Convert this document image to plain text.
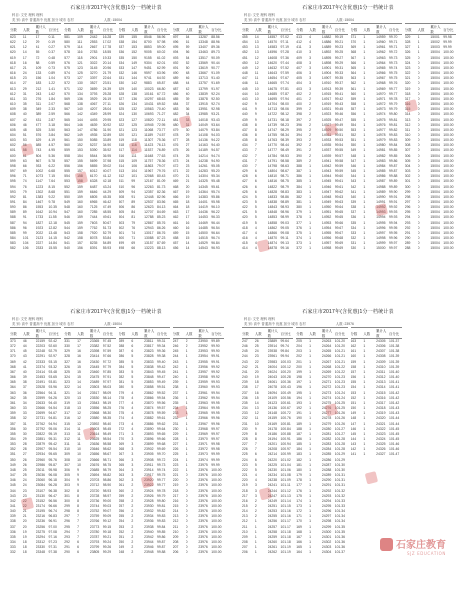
石家庄市2017年(含优惠)1分一档统计表
科目: 文史 理科 理科
类 别: 高中 普通高中 优惠 加分 城市 农村	人数: 15004
分数	人数	累计人数	百分比
623	11	17	0.11
622	12	29	0.19
621	12	41	0.27
620	14	55	0.37
619	17	72	0.48
618	16	88	0.59
617	21	109	0.73
616	24	133	0.89
615	23	156	1.04
614	27	183	1.22
613	29	212	1.41
612	31	243	1.62
611	33	276	1.84
610	35	311	2.07
609	38	349	2.33
608	40	389	2.59
607	42	431	2.87
606	46	477	3.18
605	48	525	3.50
604	51	576	3.84
603	53	629	4.19
602	56	685	4.57
601	58	743	4.95
600	61	804	5.36
599	63	867	5.78
598	66	933	6.22
597	69	1002	6.68
596	71	1073	7.15
595	74	1147	7.64
594	76	1223	8.15
593	79	1302	8.68
592	81	1383	9.22
591	84	1467	9.78
590	86	1553	10.35
589	89	1642	10.94
588	91	1733	11.55
587	94	1827	12.18
586	96	1923	12.82
585	99	2022	13.48
584	101	2123	14.15
583	104	2227	14.84
582	106	2333	15.55
分数	人数	累计人数	百分比
581	109	2442	16.28
580	111	2553	17.02
579	114	2667	17.78
578	116	2783	18.55
577	118	2901	19.33
576	121	3022	20.14
575	123	3145	20.96
574	125	3270	21.79
573	127	3397	22.64
572	130	3527	23.51
571	132	3659	24.39
570	134	3793	25.28
569	136	3929	26.19
568	138	4067	27.11
567	140	4207	28.04
566	142	4349	28.99
565	144	4493	29.95
564	146	4639	30.92
563	147	4786	31.90
562	149	4935	32.89
561	150	5085	33.89
560	152	5237	34.90
559	153	5390	35.92
558	154	5544	36.95
557	155	5699	37.98
556	156	5855	39.02
555	157	6012	40.07
554	158	6170	41.12
553	158	6328	42.18
552	159	6487	43.24
551	159	6646	44.29
550	159	6805	45.35
549	160	6965	46.42
548	160	7125	47.49
547	160	7285	48.55
546	159	7444	49.61
545	159	7603	50.67
544	159	7762	51.73
543	158	7920	52.79
542	158	8078	53.84
541	157	8235	54.89
540	156	8391	55.93
分数	人数	累计人数	百分比
539	155	8546	56.96
538	154	8700	57.98
537	153	8853	59.00
536	152	9005	60.02
535	150	9155	61.02
534	149	9304	62.01
533	147	9451	62.99
532	146	9597	63.96
531	144	9741	64.92
530	142	9883	65.87
529	140	10023	66.80
528	138	10161	67.72
527	136	10297	68.63
526	134	10431	69.52
525	132	10563	70.40
524	130	10693	71.27
523	127	10820	72.11
522	125	10945	72.95
521	123	11068	73.77
520	121	11189	74.57
519	118	11307	75.36
518	116	11423	76.13
517	114	11537	76.89
516	111	11648	77.63
515	109	11757	78.36
514	106	11863	79.07
513	104	11967	79.76
512	101	12068	80.43
511	99	12167	81.09
510	96	12263	81.73
509	94	12357	82.36
508	91	12448	82.96
507	89	12537	83.56
506	86	12623	84.13
505	84	12707	84.69
504	81	12788	85.23
503	79	12867	85.76
502	76	12943	86.26
501	74	13017	86.76
500	71	13088	87.23
499	69	13157	87.69
498	66	13223	88.13
分数	人数	累计人数	百分比
497	64	13287	88.56
496	61	13348	88.96
495	59	13407	89.36
494	56	13463	89.73
493	54	13517	90.09
492	52	13569	90.44
491	50	13619	90.77
490	48	13667	91.09
489	46	13713	91.40
488	44	13757	91.69
487	42	13799	91.97
486	40	13839	92.24
485	39	13878	92.50
484	37	13915	92.74
483	36	13951	92.98
482	34	13985	93.21
481	33	14018	93.43
480	31	14049	93.64
479	30	14079	93.84
478	29	14108	94.03
477	28	14136	94.22
476	27	14163	94.40
475	26	14189	94.57
474	25	14214	94.74
473	24	14238	94.90
472	23	14261	95.05
471	22	14283	95.20
470	21	14304	95.34
469	21	14325	95.48
468	20	14345	95.61
467	19	14364	95.74
466	19	14383	95.86
465	18	14401	95.98
464	18	14419	96.10
463	17	14436	96.22
462	17	14453	96.33
461	16	14469	96.44
460	16	14485	96.54
459	15	14500	96.64
458	15	14515	96.74
457	14	14529	96.84
456	14	14543	96.93
石家庄市2017年(含优惠)1分一档统计表
科目: 文史 理科 理科
类 别: 高中 普通高中 优惠 加分 城市 农村	人数: 15004
分数	人数	累计人数	百分比
455	14	14557	97.02
454	13	14570	97.11
453	13	14583	97.19
452	13	14596	97.28
451	12	14608	97.36
450	12	14620	97.44
449	12	14632	97.52
448	11	14643	97.59
447	11	14654	97.67
446	11	14665	97.74
445	10	14675	97.81
444	10	14685	97.87
443	10	14695	97.94
442	9	14704	98.00
441	9	14713	98.06
440	9	14722	98.12
439	9	14731	98.18
438	8	14739	98.23
437	8	14747	98.29
436	8	14755	98.34
435	8	14763	98.39
434	7	14770	98.44
433	7	14777	98.49
432	7	14784	98.53
431	7	14791	98.58
430	7	14798	98.63
429	6	14804	98.67
428	6	14810	98.71
427	6	14816	98.75
426	6	14822	98.79
425	6	14828	98.83
424	5	14833	98.86
423	5	14838	98.89
422	5	14843	98.93
421	5	14848	98.96
420	5	14853	98.99
419	5	14858	99.03
418	4	14862	99.05
417	4	14866	99.08
416	4	14870	99.11
415	4	14874	99.13
414	4	14878	99.16
分数	人数	累计人数	百分比
413	4	14882	99.19
412	4	14886	99.21
411	3	14889	99.23
410	3	14892	99.25
409	3	14895	99.27
408	3	14898	99.29
407	3	14901	99.31
406	3	14904	99.33
405	3	14907	99.35
404	3	14910	99.37
403	3	14913	99.39
402	2	14915	99.41
401	2	14917	99.42
400	2	14919	99.43
399	2	14921	99.45
398	2	14923	99.46
397	2	14925	99.47
396	2	14927	99.49
395	2	14929	99.50
394	2	14931	99.51
393	2	14933	99.53
392	2	14935	99.54
391	2	14937	99.55
390	2	14939	99.57
389	2	14941	99.58
388	1	14942	99.59
387	1	14943	99.59
386	1	14944	99.60
385	1	14945	99.61
384	1	14946	99.61
383	1	14947	99.62
382	1	14948	99.63
381	1	14949	99.63
380	1	14950	99.64
379	1	14951	99.65
378	1	14952	99.65
377	1	14953	99.66
376	1	14954	99.67
375	1	14955	99.67
374	1	14956	99.68
373	1	14957	99.69
372	1	14958	99.69
分数	人数	累计人数	百分比
371	1	14959	99.70
370	1	14960	99.71
369	1	14961	99.71
368	1	14962	99.72
367	1	14963	99.73
366	1	14964	99.73
365	1	14965	99.74
364	1	14966	99.75
363	1	14967	99.75
362	1	14968	99.76
361	1	14969	99.77
360	1	14970	99.77
359	1	14971	99.78
358	1	14972	99.79
357	1	14973	99.79
356	1	14974	99.80
355	1	14975	99.81
354	1	14976	99.81
353	1	14977	99.82
352	1	14978	99.83
351	1	14979	99.83
350	1	14980	99.84
349	1	14981	99.85
348	1	14982	99.85
347	1	14983	99.86
346	1	14984	99.87
345	1	14985	99.87
344	1	14986	99.88
343	1	14987	99.89
342	1	14988	99.89
341	1	14989	99.90
340	1	14990	99.91
339	1	14991	99.91
338	1	14992	99.92
337	1	14993	99.93
336	1	14994	99.93
335	1	14995	99.94
334	1	14996	99.95
333	1	14997	99.95
332	1	14998	99.96
331	1	14999	99.97
330	1	15000	99.97
分数	人数	累计人数	百分比
329	1	15001	99.98
328	1	15002	99.99
327	1	15003	99.99
326	1	15004	100.00
325	0	15004	100.00
324	0	15004	100.00
323	0	15004	100.00
322	0	15004	100.00
321	0	15004	100.00
320	0	15004	100.00
319	0	15004	100.00
318	0	15004	100.00
317	0	15004	100.00
316	0	15004	100.00
315	0	15004	100.00
314	0	15004	100.00
313	0	15004	100.00
312	0	15004	100.00
311	0	15004	100.00
310	0	15004	100.00
309	0	15004	100.00
308	0	15004	100.00
307	0	15004	100.00
306	0	15004	100.00
305	0	15004	100.00
304	0	15004	100.00
303	0	15004	100.00
302	0	15004	100.00
301	0	15004	100.00
300	0	15004	100.00
299	0	15004	100.00
298	0	15004	100.00
297	0	15004	100.00
296	0	15004	100.00
295	0	15004	100.00
294	0	15004	100.00
293	0	15004	100.00
292	0	15004	100.00
291	0	15004	100.00
290	0	15004	100.00
289	0	15004	100.00
288	0	15004	100.00
石家庄市2017年(含优惠)1分一档统计表
科目: 文史 理科 理科
类 别: 高中 普通高中 优惠 加分 城市 农村	人数: 15004
分数	人数	累计人数	百分比
373	46	22159	92.42
372	44	22203	92.60
371	45	22248	92.79
370	43	22291	92.97
369	42	22333	93.15
368	41	22374	93.32
367	40	22414	93.48
366	39	22453	93.65
365	38	22491	93.81
364	37	22528	93.96
363	36	22564	94.11
362	35	22599	94.26
361	34	22633	94.40
360	33	22666	94.54
359	33	22699	94.67
358	32	22731	94.81
357	31	22762	94.94
356	30	22792	95.06
355	30	22822	95.19
354	29	22851	95.31
353	28	22879	95.42
352	28	22907	95.54
351	27	22934	95.65
350	26	22960	95.76
349	26	22986	95.87
348	25	23011	95.98
347	25	23036	96.08
346	24	23060	96.18
345	24	23084	96.28
344	23	23107	96.38
343	23	23130	96.47
342	22	23152	96.56
341	22	23174	96.66
340	21	23195	96.74
339	21	23216	96.83
338	20	23236	96.91
337	20	23256	97.00
336	19	23275	97.08
335	19	23294	97.16
334	18	23312	97.23
333	18	23330	97.31
332	18	23348	97.38
分数	人数	累计人数	百分比
331	17	23365	97.45
330	17	23382	97.52
329	16	23398	97.59
328	16	23414	97.66
327	16	23430	97.72
326	15	23445	97.79
325	15	23460	97.85
324	15	23475	97.91
323	14	23489	97.97
322	14	23503	98.03
321	14	23517	98.09
320	13	23530	98.14
319	13	23543	98.19
318	13	23556	98.25
317	12	23568	98.30
316	12	23580	98.35
315	12	23592	98.40
314	11	23603	98.45
313	11	23614	98.49
312	11	23625	98.54
311	11	23636	98.58
310	10	23646	98.62
309	10	23656	98.67
308	10	23666	98.71
307	10	23676	98.75
306	9	23685	98.79
305	9	23694	98.82
304	9	23703	98.86
303	9	23712	98.90
302	8	23720	98.93
301	8	23728	98.97
300	8	23736	99.00
299	8	23744	99.03
298	8	23752	99.07
297	7	23759	99.09
296	7	23766	99.12
295	7	23773	99.15
294	7	23780	99.18
293	7	23787	99.21
292	6	23793	99.24
291	6	23799	99.26
290	6	23805	99.29
分数	人数	累计人数	百分比
289	6	23811	99.31
288	6	23817	99.34
287	6	23823	99.36
286	5	23828	99.38
285	5	23833	99.40
284	5	23838	99.42
283	5	23843	99.45
282	5	23848	99.47
281	5	23853	99.49
280	5	23858	99.51
279	4	23862	99.52
278	4	23866	99.54
277	4	23870	99.56
276	4	23874	99.57
275	4	23878	99.59
274	4	23882	99.61
273	4	23886	99.62
272	4	23890	99.64
271	3	23893	99.65
270	3	23896	99.66
269	3	23899	99.68
268	3	23902	99.69
267	3	23905	99.70
266	3	23908	99.72
265	3	23911	99.73
264	3	23914	99.74
263	3	23917	99.75
262	3	23920	99.77
261	2	23922	99.77
260	2	23924	99.78
259	2	23926	99.79
258	2	23928	99.80
257	2	23930	99.81
256	2	23932	99.82
255	2	23934	99.83
254	2	23936	99.83
253	2	23938	99.84
252	2	23940	99.85
251	2	23942	99.86
250	2	23944	99.87
249	2	23946	99.87
248	2	23948	99.88
分数	人数	累计人数	百分比
247	2	23950	99.89
246	2	23952	99.90
245	1	23953	99.90
244	1	23954	99.91
243	1	23955	99.91
242	1	23956	99.92
241	1	23957	99.92
240	1	23958	99.92
239	1	23959	99.93
238	1	23960	99.93
237	1	23961	99.94
236	1	23962	99.94
235	1	23963	99.95
234	1	23964	99.95
233	1	23965	99.95
232	1	23966	99.96
231	1	23967	99.96
230	1	23968	99.97
229	1	23969	99.97
228	1	23970	99.97
227	1	23971	99.98
226	1	23972	99.98
225	1	23973	99.99
224	1	23974	99.99
223	1	23975	99.99
222	1	23976	100.00
221	0	23976	100.00
220	0	23976	100.00
219	0	23976	100.00
218	0	23976	100.00
217	0	23976	100.00
216	0	23976	100.00
215	0	23976	100.00
214	0	23976	100.00
213	0	23976	100.00
212	0	23976	100.00
211	0	23976	100.00
210	0	23976	100.00
209	0	23976	100.00
208	0	23976	100.00
207	0	23976	100.00
206	0	23976	100.00
石家庄市2017年(含优惠)1分一档统计表
科目: 文史 理科 理科
类 别: 高中 普通高中 优惠 加分 城市 农村	人数: 23976
分数	人数	累计人数	百分比
247	26	23889	99.64
246	25	23914	99.74
245	24	23938	99.84
244	23	23961	99.94
243	22	23983	100.03
242	21	24004	100.12
241	20	24024	100.20
240	19	24043	100.28
239	18	24061	100.36
238	17	24078	100.43
237	16	24094	100.49
236	15	24109	100.56
235	14	24123	100.61
234	13	24136	100.67
233	12	24148	100.72
232	11	24159	100.76
231	10	24169	100.81
230	9	24178	100.84
229	8	24186	100.88
228	8	24194	100.91
227	7	24201	100.94
226	7	24208	100.97
225	6	24214	100.99
224	6	24220	101.02
223	5	24225	101.04
222	5	24230	101.06
221	4	24234	101.08
220	4	24238	101.09
219	3	24241	101.11
218	3	24244	101.12
217	3	24247	101.13
216	2	24249	101.14
215	2	24251	101.15
214	2	24253	101.16
213	2	24255	101.16
212	1	24256	101.17
211	1	24257	101.17
210	1	24258	101.18
209	1	24259	101.18
208	1	24260	101.18
207	1	24261	101.19
206	1	24262	101.19
分数	人数	累计人数	百分比
205	1	24263	101.20
204	1	24264	101.20
203	1	24265	101.21
202	1	24266	101.21
201	1	24267	101.21
200	1	24268	101.22
199	1	24269	101.22
198	1	24270	101.23
197	1	24271	101.23
196	1	24272	101.23
195	1	24273	101.24
194	1	24274	101.24
193	1	24275	101.25
192	1	24276	101.25
191	1	24277	101.26
190	1	24278	101.26
189	1	24279	101.26
188	1	24280	101.27
187	1	24281	101.27
186	1	24282	101.28
185	1	24283	101.28
184	1	24284	101.28
183	1	24285	101.29
182	1	24286	101.29
181	1	24287	101.30
180	1	24288	101.30
179	1	24289	101.31
178	1	24290	101.31
177	1	24291	101.31
176	1	24292	101.32
175	1	24293	101.32
174	1	24294	101.33
173	1	24295	101.33
172	1	24296	101.34
171	1	24297	101.34
170	1	24298	101.34
169	1	24299	101.35
168	1	24300	101.35
167	1	24301	101.36
166	1	24302	101.36
165	1	24303	101.36
164	1	24304	101.37
分数	人数	累计人数	百分比
163	1	24305	101.37
162	1	24306	101.38
161	1	24307	101.38
160	1	24308	101.39
159	1	24309	101.39
158	1	24310	101.39
157	1	24311	101.40
156	1	24312	101.40
155	1	24313	101.41
154	1	24314	101.41
153	1	24315	101.42
152	1	24316	101.42
151	1	24317	101.42
150	1	24318	101.43
149	1	24319	101.43
148	1	24320	101.44
147	1	24321	101.44
146	1	24322	101.45
145	1	24323	101.45
144	1	24324	101.45
143	1	24325	101.46
142	1	24326	101.46
141	1	24327	101.47
石家庄教育
SJZ EDUCATION
